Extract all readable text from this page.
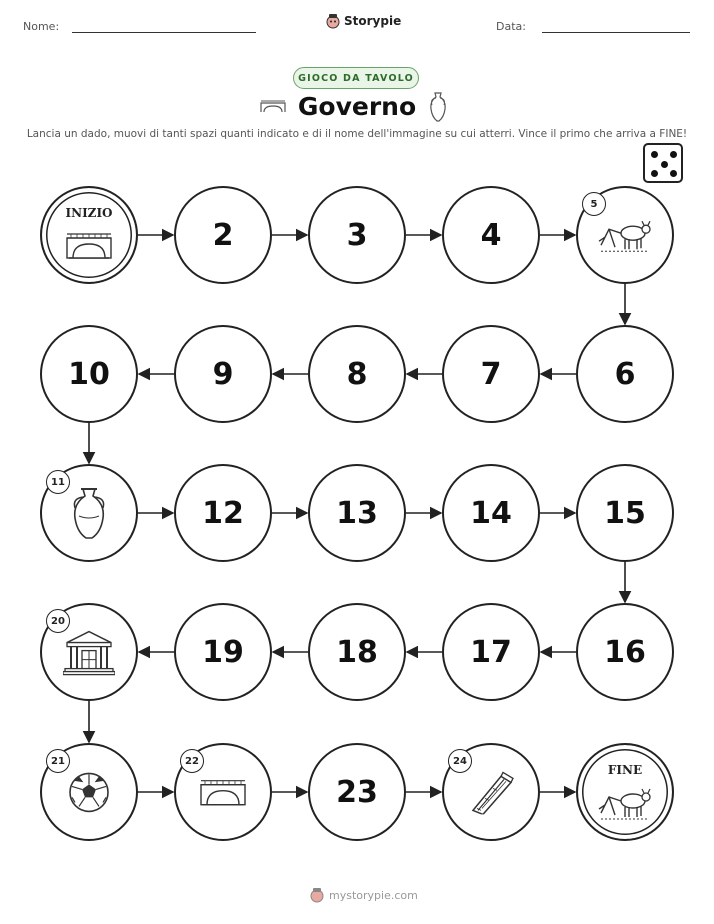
Nome:	Storypie	Data:
GIOCO DA TAVOLO
Governo
Lancia un dado, muovi di tanti spazi quanti indicato e di il nome dell'immagine su cui atterri. Vince il primo che arriva a FINE!
INIZIO
2	3	4
5
6
7
8
9
10
11
12	13	14	15
16
17
18
19
20
21	22
23
24
FINE
mystorypie.com
